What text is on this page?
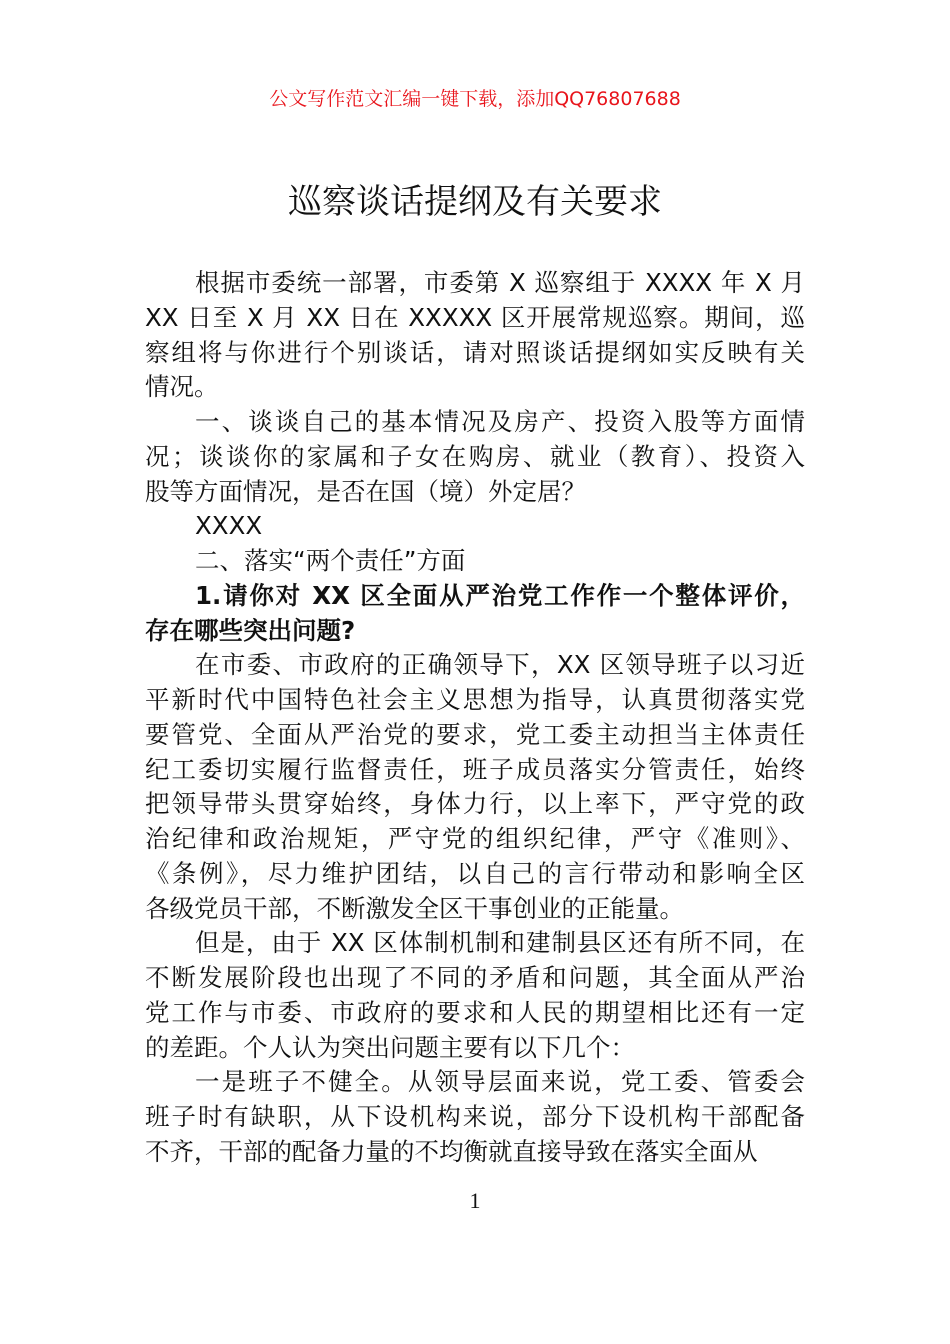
公文写作范文汇编一键下载，添加QQ76807688
巡察谈话提纲及有关要求
根据市委统一部署，市委第 X 巡察组于 XXXX 年 X 月
XX 日至 X 月 XX 日在 XXXXX 区开展常规巡察。期间，巡
察组将与你进行个别谈话，请对照谈话提纲如实反映有关
情况。
一、谈谈自己的基本情况及房产、投资入股等方面情
况；谈谈你的家属和子女在购房、就业（教育）、投资入
股等方面情况，是否在国（境）外定居？
XXXX
二、落实“两个责任”方面
1.请你对 XX 区全面从严治党工作作一个整体评价，
存在哪些突出问题?
在市委、市政府的正确领导下，XX 区领导班子以习近
平新时代中国特色社会主义思想为指导，认真贯彻落实党
要管党、全面从严治党的要求，党工委主动担当主体责任
纪工委切实履行监督责任，班子成员落实分管责任，始终
把领导带头贯穿始终，身体力行，以上率下，严守党的政
治纪律和政治规矩，严守党的组织纪律，严守《准则》、
《条例》，尽力维护团结，以自己的言行带动和影响全区
各级党员干部，不断激发全区干事创业的正能量。
但是，由于 XX 区体制机制和建制县区还有所不同，在
不断发展阶段也出现了不同的矛盾和问题，其全面从严治
党工作与市委、市政府的要求和人民的期望相比还有一定
的差距。个人认为突出问题主要有以下几个：
一是班子不健全。从领导层面来说，党工委、管委会
班子时有缺职，从下设机构来说，部分下设机构干部配备
不齐，干部的配备力量的不均衡就直接导致在落实全面从
1
